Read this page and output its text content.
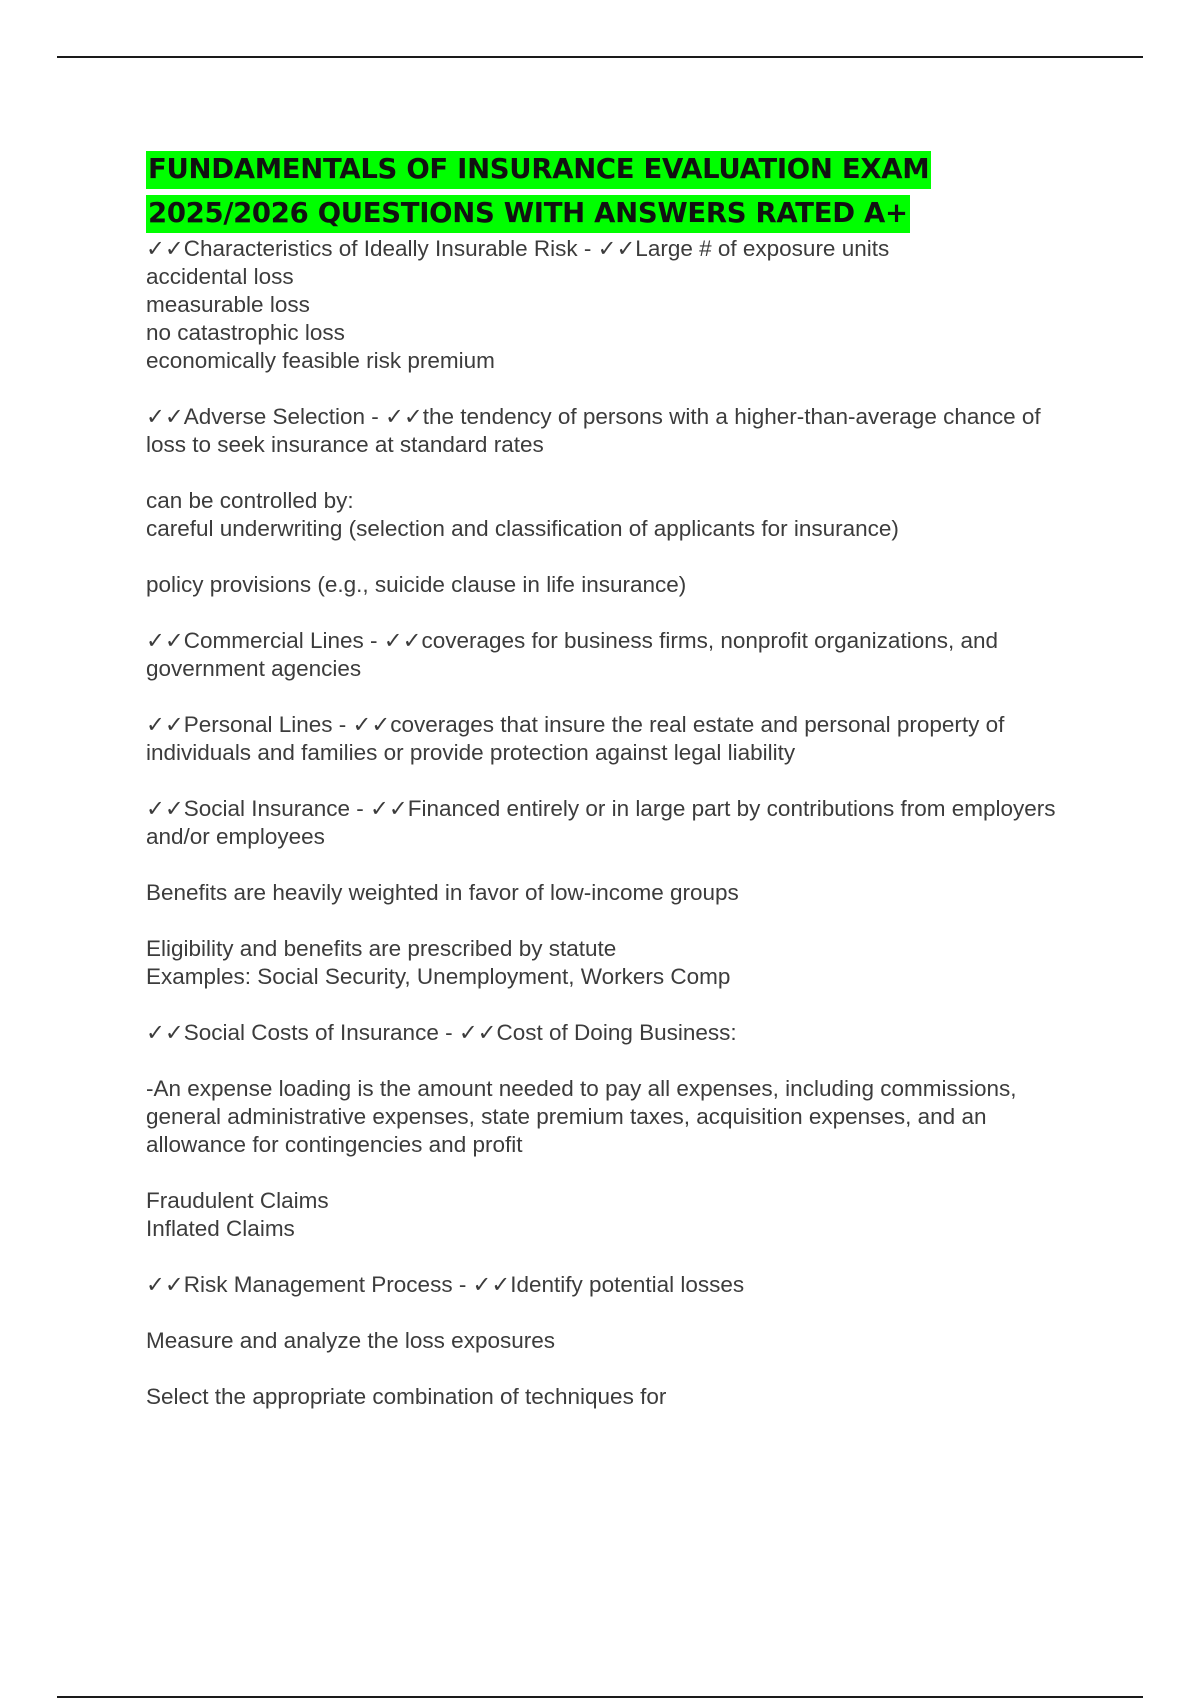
FUNDAMENTALS OF INSURANCE EVALUATION EXAM
2025/2026 QUESTIONS WITH ANSWERS RATED A+
✓✓Characteristics of Ideally Insurable Risk - ✓✓Large # of exposure units
accidental loss
measurable loss
no catastrophic loss
economically feasible risk premium
✓✓Adverse Selection - ✓✓the tendency of persons with a higher-than-average chance of loss to seek insurance at standard rates
can be controlled by:
careful underwriting (selection and classification of applicants for insurance)
policy provisions (e.g., suicide clause in life insurance)
✓✓Commercial Lines - ✓✓coverages for business firms, nonprofit organizations, and government agencies
✓✓Personal Lines - ✓✓coverages that insure the real estate and personal property of individuals and families or provide protection against legal liability
✓✓Social Insurance - ✓✓Financed entirely or in large part by contributions from employers and/or employees
Benefits are heavily weighted in favor of low-income groups
Eligibility and benefits are prescribed by statute
Examples: Social Security, Unemployment, Workers Comp
✓✓Social Costs of Insurance - ✓✓Cost of Doing Business:
-An expense loading is the amount needed to pay all expenses, including commissions, general administrative expenses, state premium taxes, acquisition expenses, and an allowance for contingencies and profit
Fraudulent Claims
Inflated Claims
✓✓Risk Management Process - ✓✓Identify potential losses
Measure and analyze the loss exposures
Select the appropriate combination of techniques for
